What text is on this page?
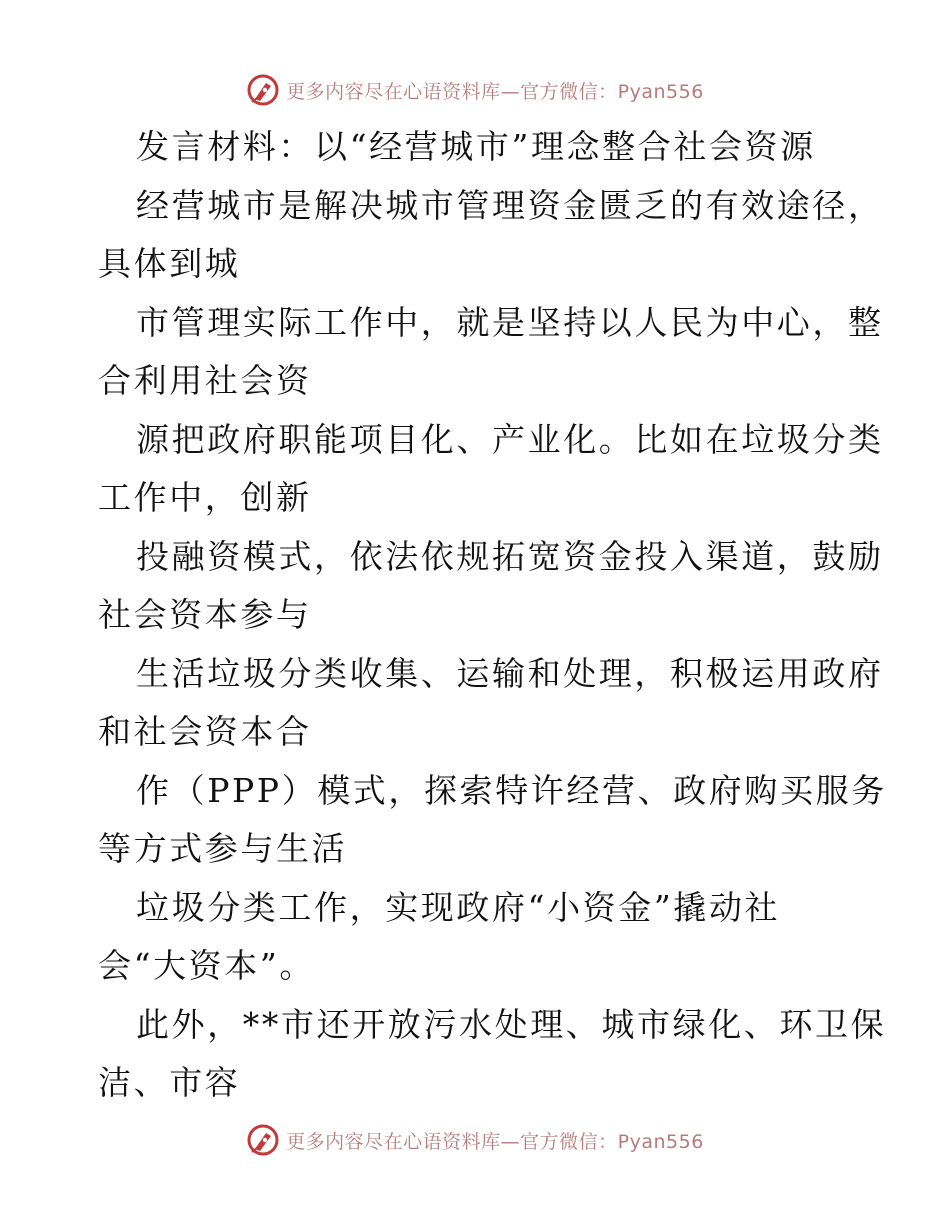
更多内容尽在心语资料库—官方微信：Pyan556
发言材料：以“经营城市”理念整合社会资源
经营城市是解决城市管理资金匮乏的有效途径，
具体到城
市管理实际工作中，就是坚持以人民为中心，整
合利用社会资
源把政府职能项目化、产业化。比如在垃圾分类
工作中，创新
投融资模式，依法依规拓宽资金投入渠道，鼓励
社会资本参与
生活垃圾分类收集、运输和处理，积极运用政府
和社会资本合
作（PPP）模式，探索特许经营、政府购买服务
等方式参与生活
垃圾分类工作，实现政府“小资金”撬动社
会“大资本”。
此外，**市还开放污水处理、城市绿化、环卫保
洁、市容
更多内容尽在心语资料库—官方微信：Pyan556
